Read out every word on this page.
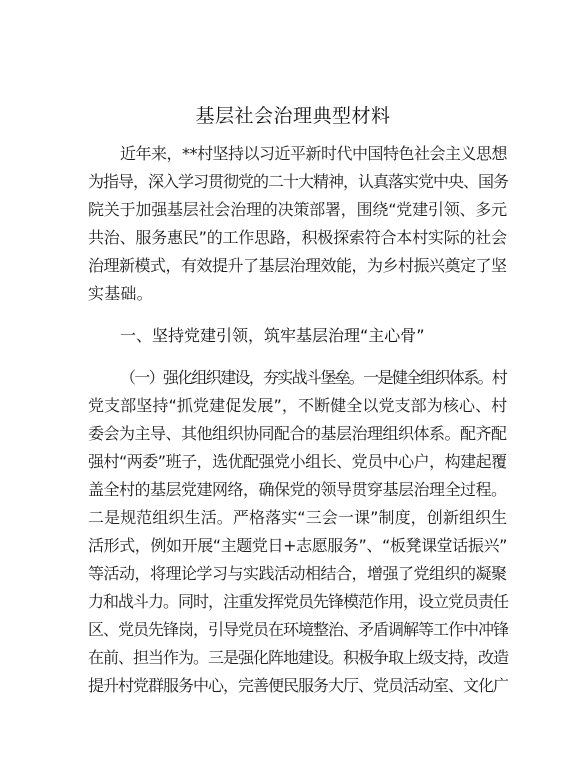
基层社会治理典型材料
近年来，**村坚持以习近平新时代中国特色社会主义思想
为指导，深入学习贯彻党的二十大精神，认真落实党中央、国务
院关于加强基层社会治理的决策部署，围绕“党建引领、多元
共治、服务惠民”的工作思路，积极探索符合本村实际的社会
治理新模式，有效提升了基层治理效能，为乡村振兴奠定了坚
实基础。
一、坚持党建引领，筑牢基层治理“主心骨”
（一）强化组织建设，夯实战斗堡垒。一是健全组织体系。村
党支部坚持“抓党建促发展”，不断健全以党支部为核心、村
委会为主导、其他组织协同配合的基层治理组织体系。配齐配
强村“两委”班子，选优配强党小组长、党员中心户，构建起覆
盖全村的基层党建网络，确保党的领导贯穿基层治理全过程。
二是规范组织生活。严格落实“三会一课”制度，创新组织生
活形式，例如开展“主题党日+志愿服务”、“板凳课堂话振兴”
等活动，将理论学习与实践活动相结合，增强了党组织的凝聚
力和战斗力。同时，注重发挥党员先锋模范作用，设立党员责任
区、党员先锋岗，引导党员在环境整治、矛盾调解等工作中冲锋
在前、担当作为。三是强化阵地建设。积极争取上级支持，改造
提升村党群服务中心，完善便民服务大厅、党员活动室、文化广
